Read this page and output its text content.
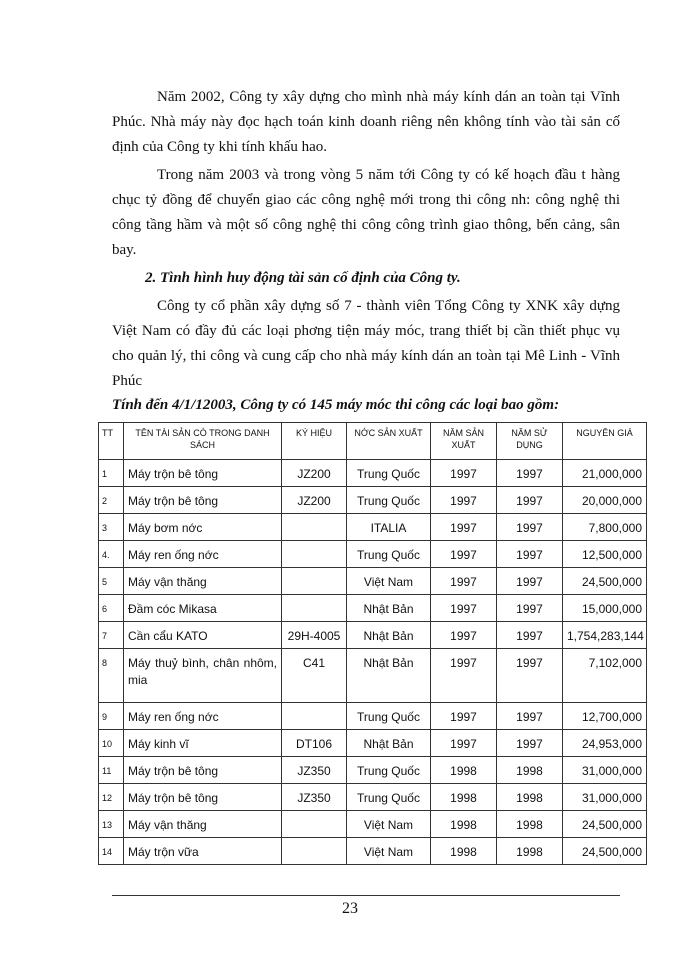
Năm 2002, Công ty xây dựng cho mình nhà máy kính dán an toàn tại Vĩnh Phúc. Nhà máy này đọc hạch toán kinh doanh riêng nên không tính vào tài sản cố định của Công ty khi tính khấu hao.

Trong năm 2003 và trong vòng 5 năm tới Công ty có kế hoạch đầu t hàng chục tỷ đồng để chuyển giao các công nghệ mới trong thi công nh: công nghệ thi công tầng hầm và một số công nghệ thi công công trình giao thông, bến cảng, sân bay.

2. Tình hình huy động tài sản cố định của Công ty.

Công ty cổ phần xây dựng số 7 - thành viên Tổng Công ty XNK xây dựng Việt Nam có đầy đủ các loại phơng tiện máy móc, trang thiết bị cần thiết phục vụ cho quản lý, thi công và cung cấp cho nhà máy kính dán an toàn tại Mê Linh - Vĩnh Phúc

Tính đến 4/1/12003, Công ty có 145 máy móc thi công các loại bao gồm:

TT	TÊN TÀI SẢN CÓ TRONG DANH SÁCH	KÝ HIỆU	NỚC SẢN XUẤT	NĂM SẢN XUẤT	NĂM SỬ DỤNG	NGUYÊN GIÁ
1	Máy trộn bê tông	JZ200	Trung Quốc	1997	1997	21,000,000
2	Máy trộn bê tông	JZ200	Trung Quốc	1997	1997	20,000,000
3	Máy bơm nớc		ITALIA	1997	1997	7,800,000
4.	Máy ren ống nớc		Trung Quốc	1997	1997	12,500,000
5	Máy vận thăng		Việt Nam	1997	1997	24,500,000
6	Đầm cóc Mikasa		Nhật Bản	1997	1997	15,000,000
7	Cần cẩu KATO	29H-4005	Nhật Bản	1997	1997	1,754,283,144
8	Máy thuỷ bình, chân nhôm, mia	C41	Nhật Bản	1997	1997	7,102,000
9	Máy ren ống nớc		Trung Quốc	1997	1997	12,700,000
10	Máy kinh vĩ	DT106	Nhật Bản	1997	1997	24,953,000
11	Máy trộn bê tông	JZ350	Trung Quốc	1998	1998	31,000,000
12	Máy trộn bê tông	JZ350	Trung Quốc	1998	1998	31,000,000
13	Máy vận thăng		Việt Nam	1998	1998	24,500,000
14	Máy trộn vữa		Việt Nam	1998	1998	24,500,000
23
